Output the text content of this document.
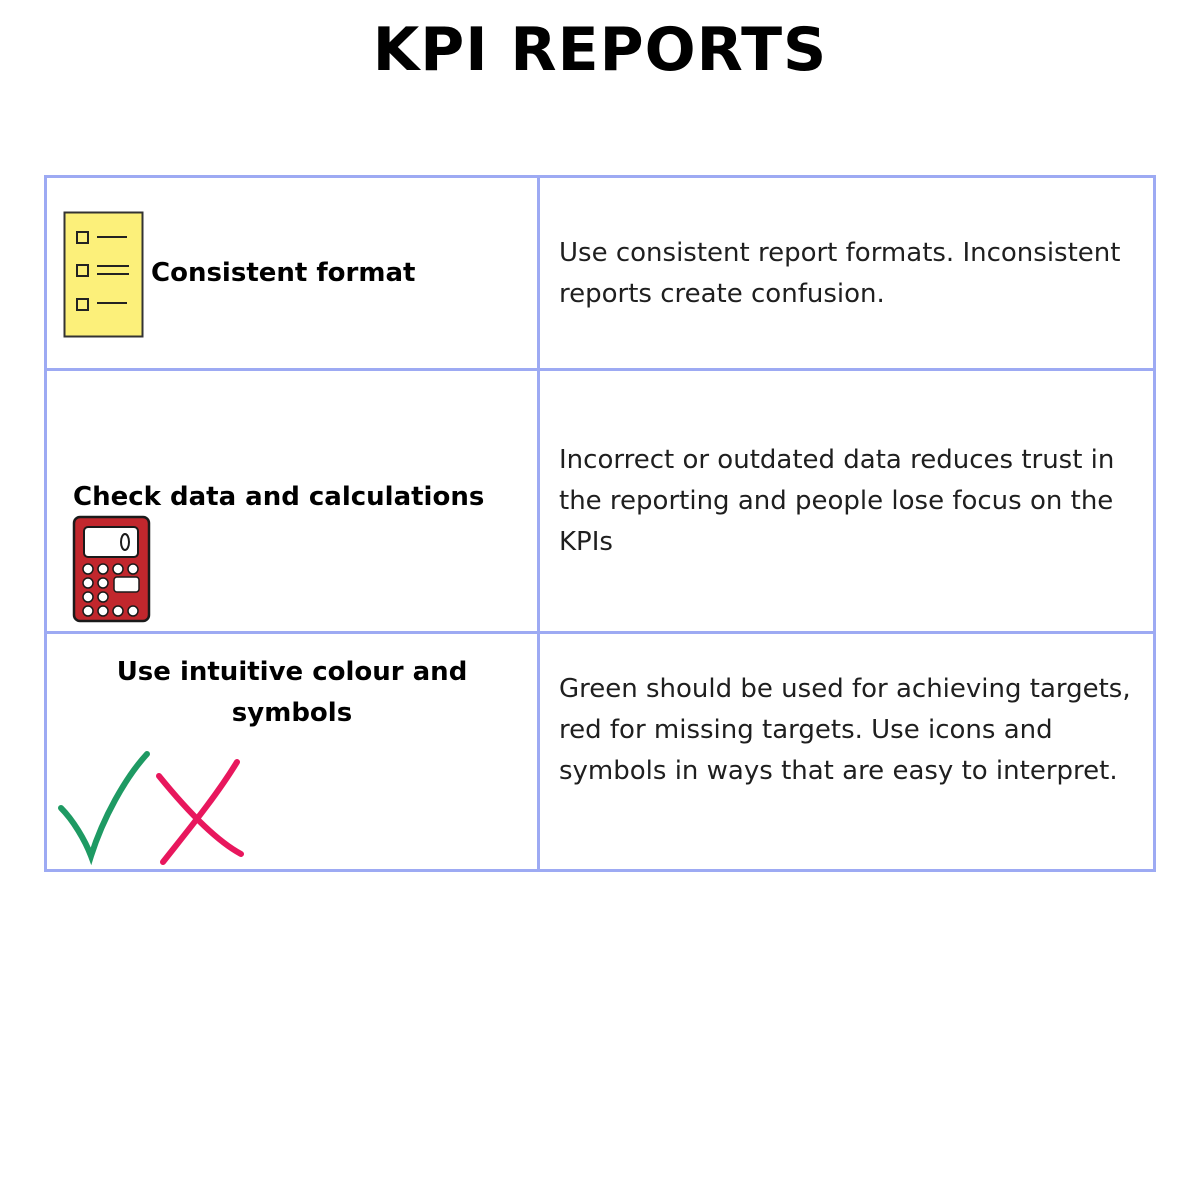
KPI REPORTS
Consistent format
Use consistent report formats. Inconsistent reports create confusion.
Check data and calculations
Incorrect or outdated data reduces trust in the reporting and people lose focus on the KPIs
Use intuitive colour and symbols
Green should be used for achieving targets, red for missing targets. Use icons and symbols in ways that are easy to interpret.
